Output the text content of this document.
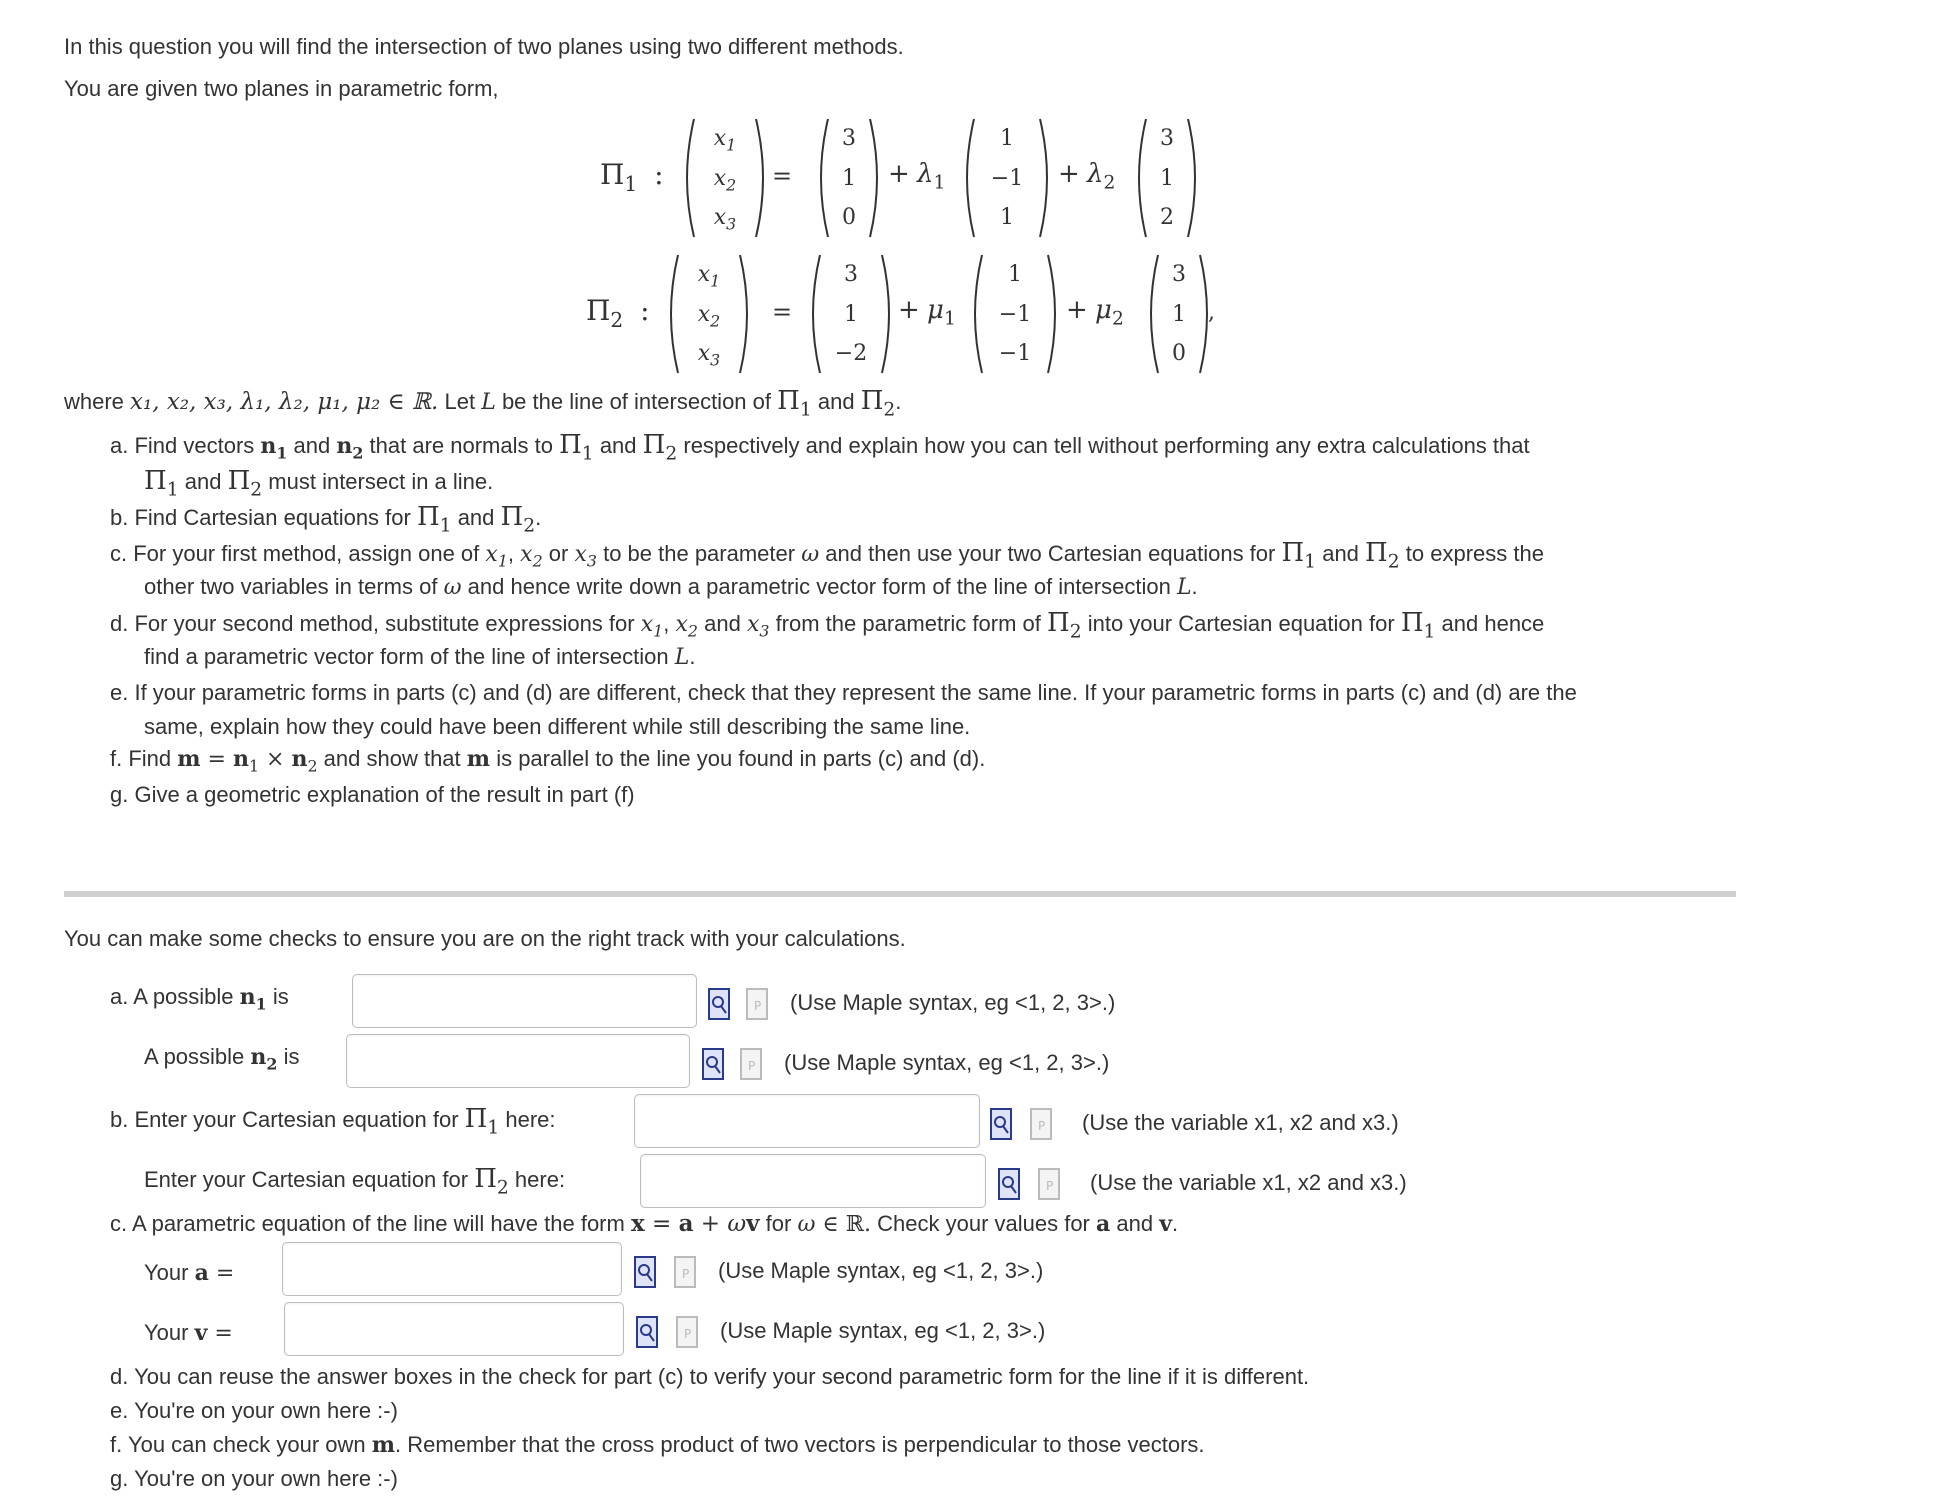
In this question you will find the intersection of two planes using two different methods.
You are given two planes in parametric form,
$\Pi_1$ :
$x_1$
$x_2$
$x_3$
=
3
1
0
+ $\lambda_1$
1
−1
1
+ $\lambda_2$
3
1
2
$\Pi_2$ :
$x_1$
$x_2$
$x_3$
=
3
1
−2
+ $\mu_1$
1
−1
−1
+ $\mu_2$
3
1
0
,
where x₁, x₂, x₃, λ₁, λ₂, μ₁, μ₂ ∈ ℝ. Let L be the line of intersection of $\Pi_1$ and $\Pi_2$.
a. Find vectors $n_1$ and $n_2$ that are normals to $\Pi_1$ and $\Pi_2$ respectively and explain how you can tell without performing any extra calculations that
$\Pi_1$ and $\Pi_2$ must intersect in a line.
b. Find Cartesian equations for $\Pi_1$ and $\Pi_2$.
c. For your first method, assign one of $x_1$, $x_2$ or $x_3$ to be the parameter ω and then use your two Cartesian equations for $\Pi_1$ and $\Pi_2$ to express the
other two variables in terms of ω and hence write down a parametric vector form of the line of intersection L.
d. For your second method, substitute expressions for $x_1$, $x_2$ and $x_3$ from the parametric form of $\Pi_2$ into your Cartesian equation for $\Pi_1$ and hence
find a parametric vector form of the line of intersection L.
e. If your parametric forms in parts (c) and (d) are different, check that they represent the same line. If your parametric forms in parts (c) and (d) are the
same, explain how they could have been different while still describing the same line.
f. Find $m = n_1 \times n_2$ and show that m is parallel to the line you found in parts (c) and (d).
g. Give a geometric explanation of the result in part (f)
You can make some checks to ensure you are on the right track with your calculations.
a. A possible $n_1$ is	P (Use Maple syntax, eg <1, 2, 3>.)
A possible $n_2$ is	P (Use Maple syntax, eg <1, 2, 3>.)
b. Enter your Cartesian equation for $\Pi_1$ here:	P (Use the variable x1, x2 and x3.)
Enter your Cartesian equation for $\Pi_2$ here:	P (Use the variable x1, x2 and x3.)
c. A parametric equation of the line will have the form x = a + ωv for ω ∈ ℝ. Check your values for a and v.
Your a =	P (Use Maple syntax, eg <1, 2, 3>.)
Your v =	P (Use Maple syntax, eg <1, 2, 3>.)
d. You can reuse the answer boxes in the check for part (c) to verify your second parametric form for the line if it is different.
e. You're on your own here :-)
f. You can check your own m. Remember that the cross product of two vectors is perpendicular to those vectors.
g. You're on your own here :-)
